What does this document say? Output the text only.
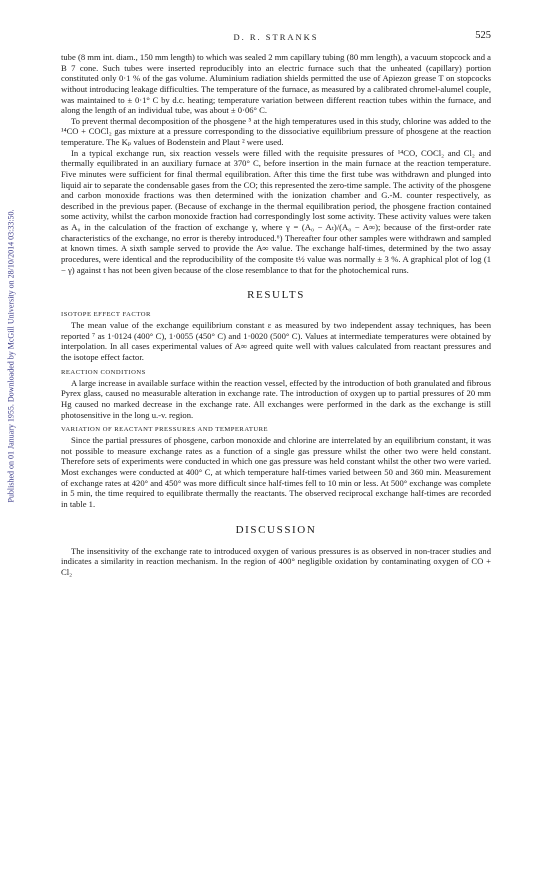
Published on 01 January 1955. Downloaded by McGill University on 28/10/2014 03:33:50.
D. R. STRANKS	525

tube (8 mm int. diam., 150 mm length) to which was sealed 2 mm capillary tubing (80 mm length), a vacuum stopcock and a B 7 cone. Such tubes were inserted reproducibly into an electric furnace such that the unheated (capillary) portion constituted only 0·1 % of the gas volume. Aluminium radiation shields permitted the use of Apiezon grease T on stopcocks without introducing leakage difficulties. The temperature of the furnace, as measured by a calibrated chromel-alumel couple, was maintained to ± 0·1° C by d.c. heating; temperature variation between different reaction tubes within the furnace, and along the length of an individual tube, was about ± 0·06° C.

To prevent thermal decomposition of the phosgene ⁵ at the high temperatures used in this study, chlorine was added to the ¹⁴CO + COCl₂ gas mixture at a pressure corresponding to the dissociative equilibrium pressure of phosgene at the reaction temperature. The Kₚ values of Bodenstein and Plaut ² were used.

In a typical exchange run, six reaction vessels were filled with the requisite pressures of ¹⁴CO, COCl₂ and Cl₂ and thermally equilibrated in an auxiliary furnace at 370° C, before insertion in the main furnace at the reaction temperature. Five minutes were sufficient for final thermal equilibration. After this time the first tube was withdrawn and plunged into liquid air to separate the condensable gases from the CO; this represented the zero-time sample. The activity of the phosgene and carbon monoxide fractions was then determined with the ionization chamber and G.-M. counter respectively, as described in the previous paper. (Because of exchange in the thermal equilibration period, the phosgene fraction contained some activity, whilst the carbon monoxide fraction had correspondingly lost some activity. These activity values were taken as A₀ in the calculation of the fraction of exchange γ, where γ = (A₀ − Aₜ)/(A₀ − A∞); because of the first-order rate characteristics of the exchange, no error is thereby introduced.⁶) Thereafter four other samples were withdrawn and sampled at known times. A sixth sample served to provide the A∞ value. The exchange half-times, determined by the two assay procedures, were identical and the reproducibility of the composite t½ value was normally ± 3 %. A graphical plot of log (1 − γ) against t has not been given because of the close resemblance to that for the photochemical runs.

RESULTS
ISOTOPE EFFECT FACTOR

The mean value of the exchange equilibrium constant ε as measured by two independent assay techniques, has been reported ⁷ as 1·0124 (400° C), 1·0055 (450° C) and 1·0020 (500° C). Values at intermediate temperatures were obtained by interpolation. In all cases experimental values of A∞ agreed quite well with values calculated from reactant pressures and the isotope effect factor.

REACTION CONDITIONS

A large increase in available surface within the reaction vessel, effected by the introduction of both granulated and fibrous Pyrex glass, caused no measurable alteration in exchange rate. The introduction of oxygen up to partial pressures of 20 mm Hg caused no marked decrease in the exchange rate. All exchanges were performed in the dark as the exchange is still photosensitive in the long u.-v. region.

VARIATION OF REACTANT PRESSURES AND TEMPERATURE

Since the partial pressures of phosgene, carbon monoxide and chlorine are interrelated by an equilibrium constant, it was not possible to measure exchange rates as a function of a single gas pressure whilst the other two were held constant. Therefore sets of experiments were conducted in which one gas pressure was held constant whilst the other two were varied. Most exchanges were conducted at 400° C, at which temperature half-times varied between 50 and 360 min. Measurement of exchange rates at 420° and 450° was more difficult since half-times fell to 10 min or less. At 500° exchange was complete in 5 min, the time required to equilibrate thermally the reactants. The observed reciprocal exchange half-times are recorded in table 1.

DISCUSSION

The insensitivity of the exchange rate to introduced oxygen of various pressures is as observed in non-tracer studies and indicates a similarity in reaction mechanism. In the region of 400° negligible oxidation by contaminating oxygen of CO + Cl₂
